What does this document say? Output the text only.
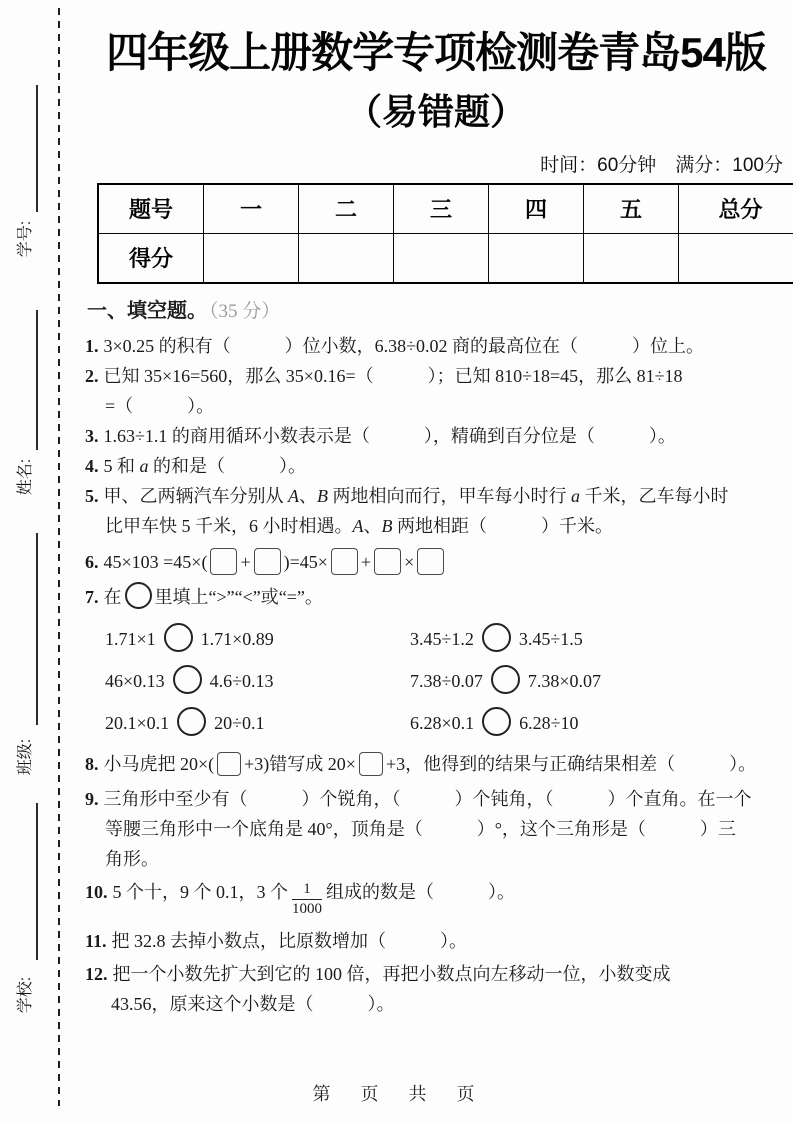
学号:
姓名:
班级:
学校:
四年级上册数学专项检测卷青岛54版
（易错题）
时间：60分钟　满分：100分
题号	一	二	三	四	五	总分
得分						
一、填空题。 （35 分）
1. 3×0.25 的积有（　　　）位小数，6.38÷0.02 商的最高位在（　　　）位上。
2. 已知 35×16=560，那么 35×0.16=（　　　）；已知 810÷18=45，那么 81÷18
=（　　　）。
3. 1.63÷1.1 的商用循环小数表示是（　　　），精确到百分位是（　　　）。
4. 5 和 a 的和是（　　　）。
5. 甲、乙两辆汽车分别从 A、B 两地相向而行，甲车每小时行 a 千米，乙车每小时
比甲车快 5 千米，6 小时相遇。A、B 两地相距（　　　）千米。
6. 45×103 =45×( + )=45× + ×
7. 在 里填上“>”“<”或“=”。
1.71×1	1.71×0.89	3.45÷1.2	3.45÷1.5
46×0.13	4.6÷0.13	7.38÷0.07	7.38×0.07
20.1×0.1	20÷0.1	6.28×0.1	6.28÷10
8. 小马虎把 20×( +3)错写成 20× +3，他得到的结果与正确结果相差（　　　）。
9. 三角形中至少有（　　　）个锐角，（　　　）个钝角，（　　　）个直角。在一个
等腰三角形中一个底角是 40°，顶角是（　　　）°，这个三角形是（　　　）三
角形。
10. 5 个十，9 个 0.1，3 个 $\frac{1}{1000}$ 组成的数是（　　　）。
11. 把 32.8 去掉小数点，比原数增加（　　　）。
12. 把一个小数先扩大到它的 100 倍，再把小数点向左移动一位，小数变成
43.56，原来这个小数是（　　　）。
第　页　共　页
